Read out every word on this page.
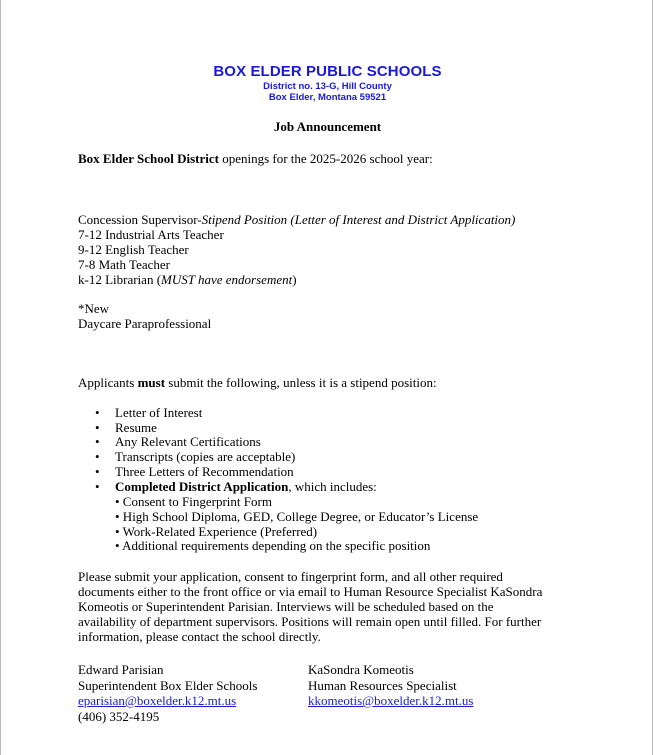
BOX ELDER PUBLIC SCHOOLS
District no. 13-G, Hill County
Box Elder, Montana 59521
Job Announcement
Box Elder School District openings for the 2025-2026 school year:
Concession Supervisor-Stipend Position (Letter of Interest and District Application)
7-12 Industrial Arts Teacher
9-12 English Teacher
7-8 Math Teacher
k-12 Librarian (MUST have endorsement)
*New
Daycare Paraprofessional
Applicants must submit the following, unless it is a stipend position:
• Letter of Interest
• Resume
• Any Relevant Certifications
• Transcripts (copies are acceptable)
• Three Letters of Recommendation
• Completed District Application, which includes:
• Consent to Fingerprint Form
• High School Diploma, GED, College Degree, or Educator’s License
• Work-Related Experience (Preferred)
• Additional requirements depending on the specific position
Please submit your application, consent to fingerprint form, and all other required documents either to the front office or via email to Human Resource Specialist KaSondra Komeotis or Superintendent Parisian. Interviews will be scheduled based on the availability of department supervisors. Positions will remain open until filled. For further information, please contact the school directly.
Edward Parisian
Superintendent Box Elder Schools
eparisian@boxelder.k12.mt.us
(406) 352-4195
KaSondra Komeotis
Human Resources Specialist
kkomeotis@boxelder.k12.mt.us
